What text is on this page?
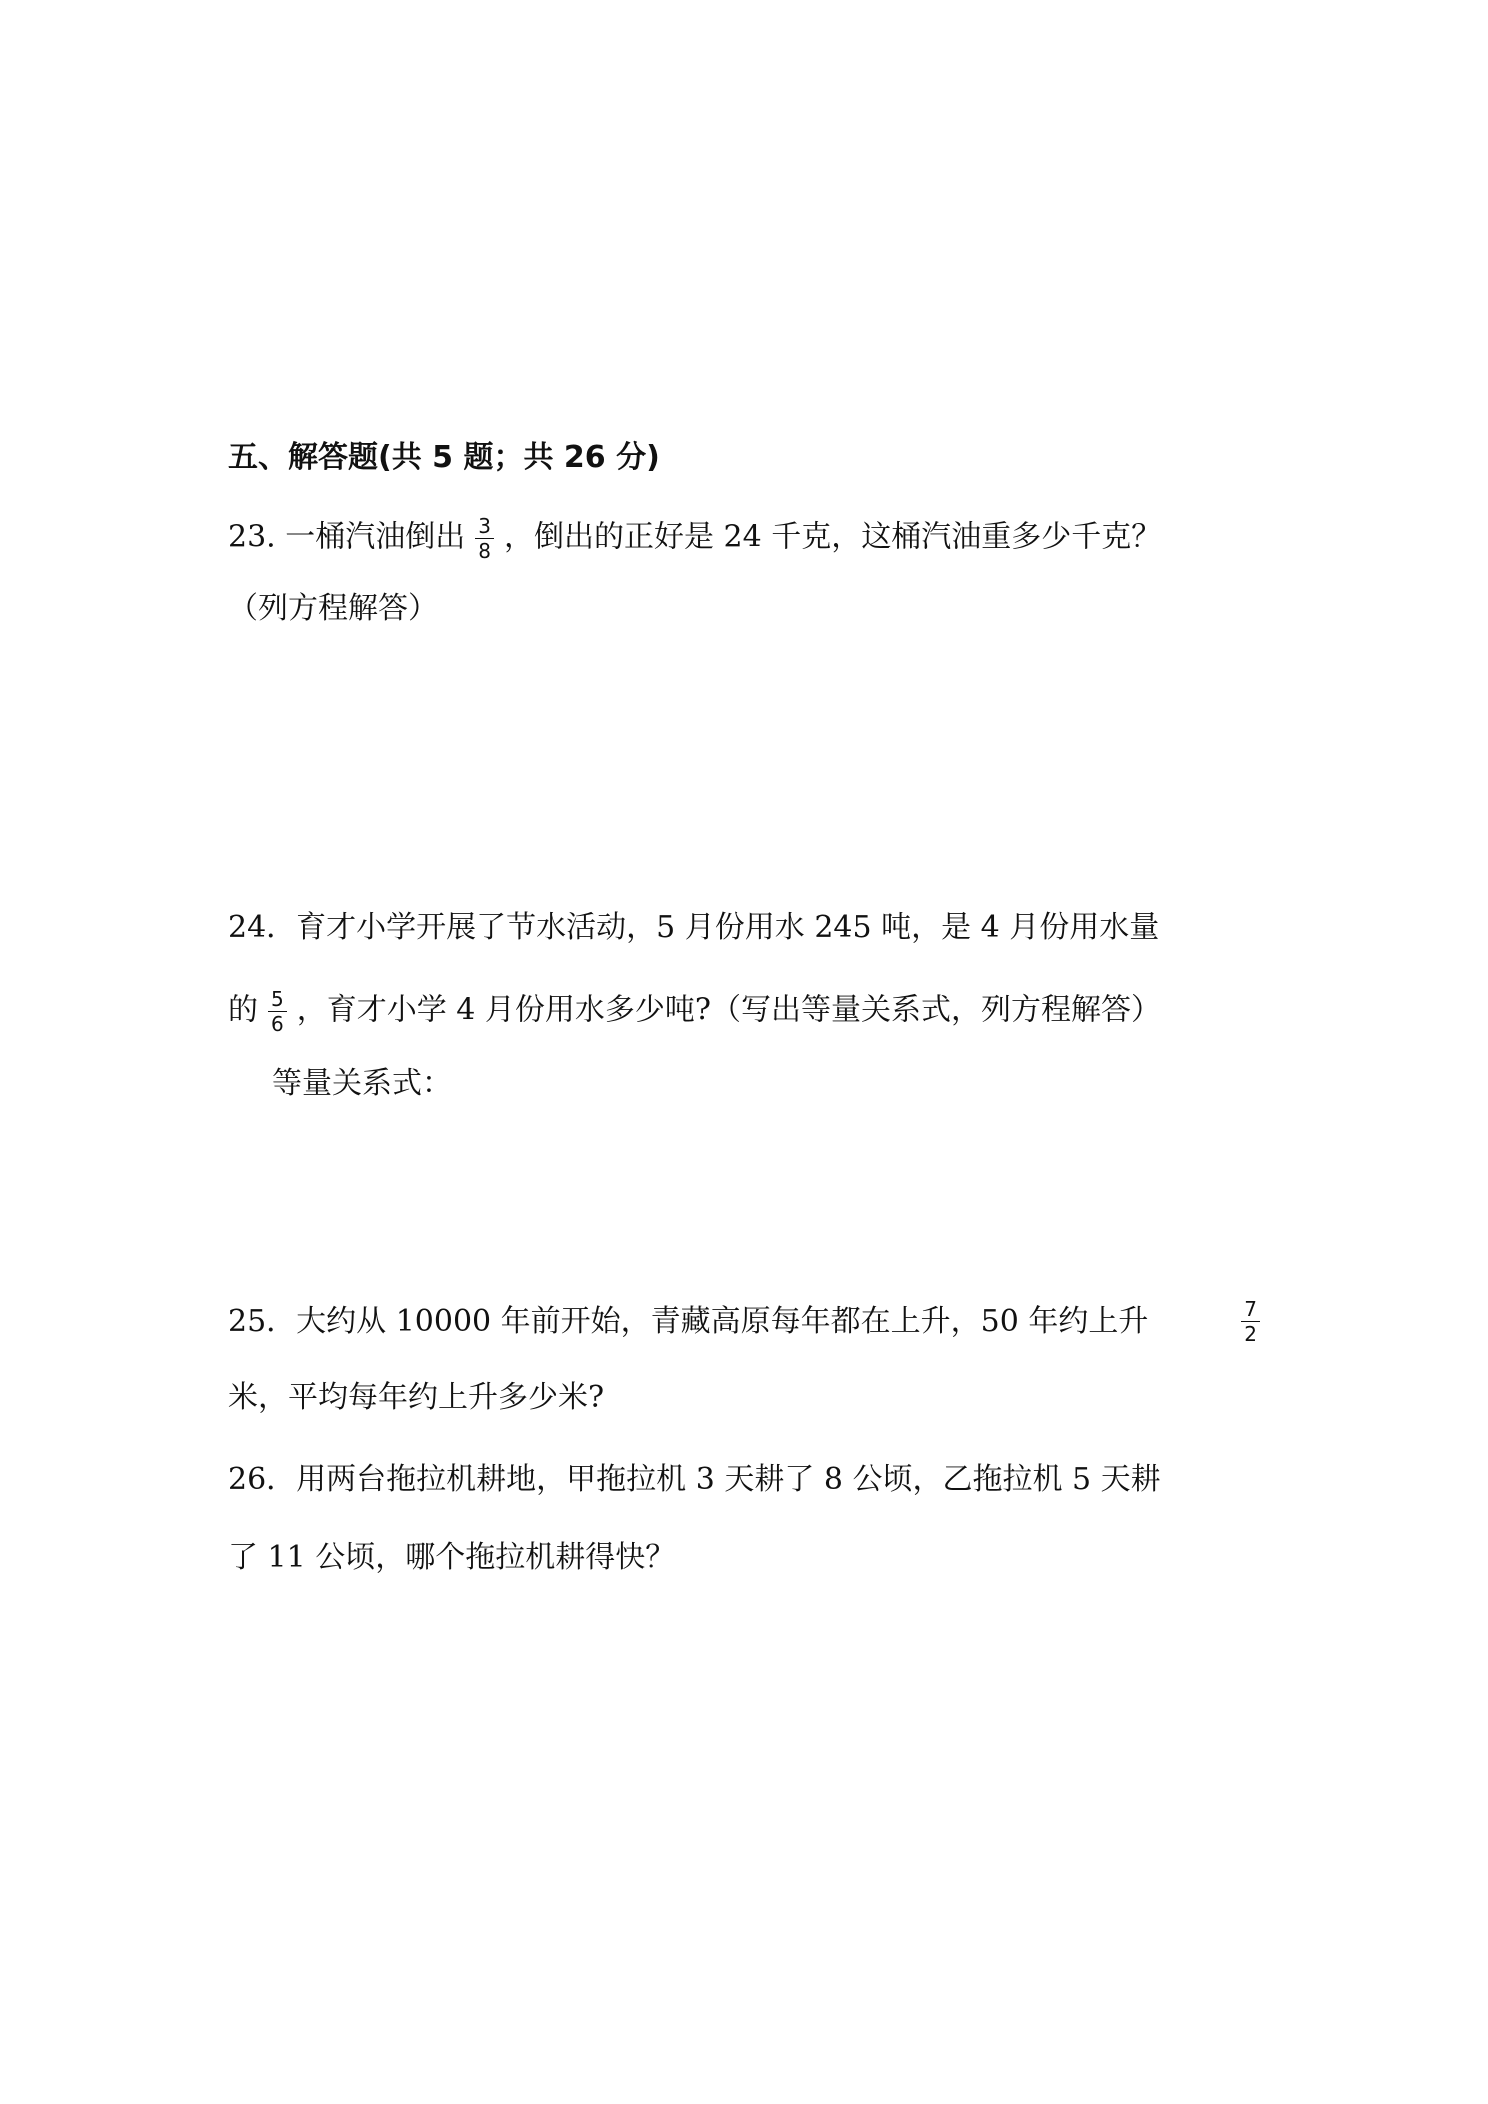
五、解答题(共 5 题；共 26 分)
23. 一桶汽油倒出 $\frac{3}{8}$ ，倒出的正好是 24 千克，这桶汽油重多少千克？
（列方程解答）
24．育才小学开展了节水活动，5 月份用水 245 吨，是 4 月份用水量
的 $\frac{5}{6}$ ，育才小学 4 月份用水多少吨?（写出等量关系式，列方程解答）
等量关系式：
25．大约从 10000 年前开始，青藏高原每年都在上升，50 年约上升	$\frac{7}{2}$
米，平均每年约上升多少米?
26．用两台拖拉机耕地，甲拖拉机 3 天耕了 8 公顷，乙拖拉机 5 天耕
了 11 公顷，哪个拖拉机耕得快？
